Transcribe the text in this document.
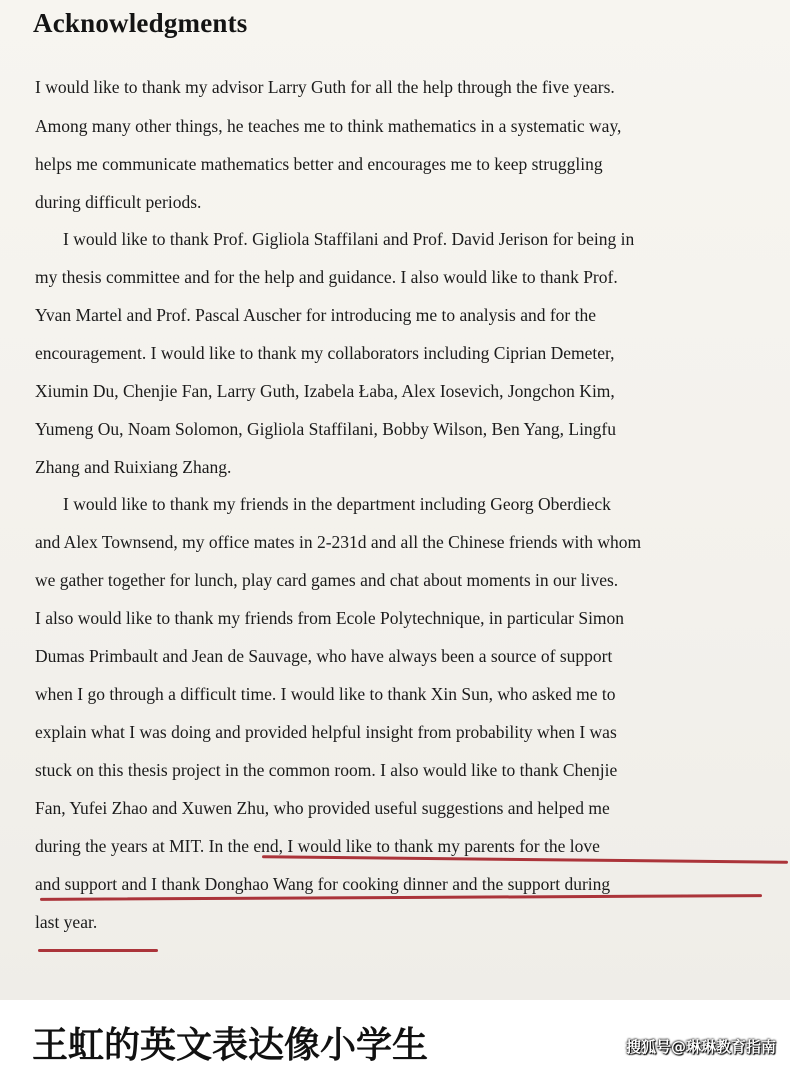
Acknowledgments
I would like to thank my advisor Larry Guth for all the help through the five years.
Among many other things, he teaches me to think mathematics in a systematic way,
helps me communicate mathematics better and encourages me to keep struggling
during difficult periods.
I would like to thank Prof. Gigliola Staffilani and Prof. David Jerison for being in
my thesis committee and for the help and guidance. I also would like to thank Prof.
Yvan Martel and Prof. Pascal Auscher for introducing me to analysis and for the
encouragement. I would like to thank my collaborators including Ciprian Demeter,
Xiumin Du, Chenjie Fan, Larry Guth, Izabela Łaba, Alex Iosevich, Jongchon Kim,
Yumeng Ou, Noam Solomon, Gigliola Staffilani, Bobby Wilson, Ben Yang, Lingfu
Zhang and Ruixiang Zhang.
I would like to thank my friends in the department including Georg Oberdieck
and Alex Townsend, my office mates in 2-231d and all the Chinese friends with whom
we gather together for lunch, play card games and chat about moments in our lives.
I also would like to thank my friends from Ecole Polytechnique, in particular Simon
Dumas Primbault and Jean de Sauvage, who have always been a source of support
when I go through a difficult time. I would like to thank Xin Sun, who asked me to
explain what I was doing and provided helpful insight from probability when I was
stuck on this thesis project in the common room. I also would like to thank Chenjie
Fan, Yufei Zhao and Xuwen Zhu, who provided useful suggestions and helped me
during the years at MIT. In the end, I would like to thank my parents for the love
and support and I thank Donghao Wang for cooking dinner and the support during
last year.
王虹的英文表达像小学生	搜狐号@琳琳教育指南
